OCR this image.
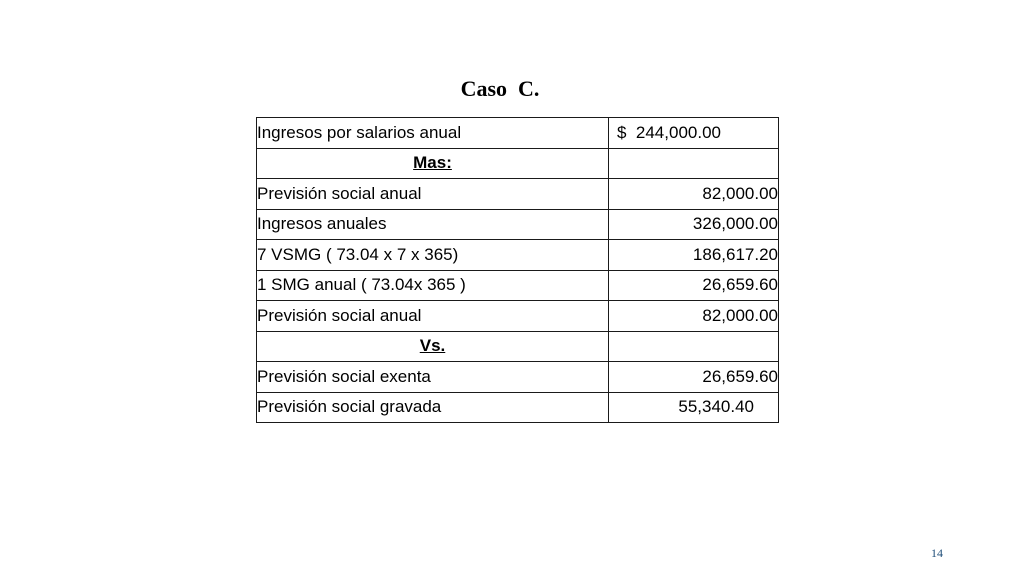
Caso  C.
Ingresos por salarios anual	$  244,000.00
Mas:	
Previsión social anual	82,000.00
Ingresos anuales	326,000.00
7 VSMG ( 73.04 x 7 x 365)	186,617.20
1 SMG anual ( 73.04x 365 )	26,659.60
Previsión social anual	82,000.00
Vs.	
Previsión social exenta	26,659.60
Previsión social gravada	55,340.40
14
